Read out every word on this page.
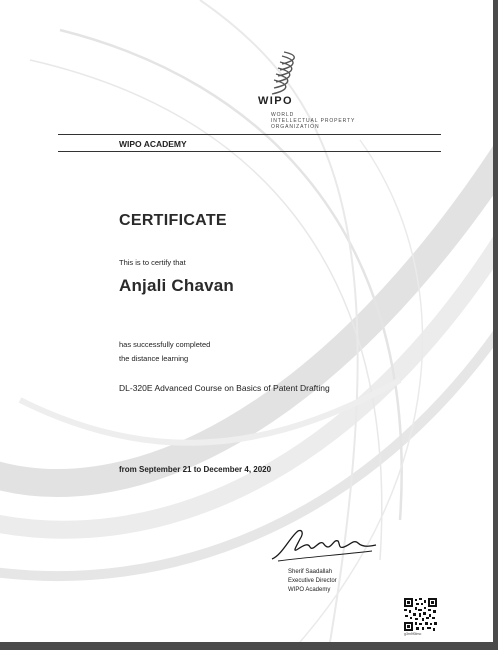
WIPO
WORLD
INTELLECTUAL PROPERTY
ORGANIZATION
WIPO ACADEMY
CERTIFICATE
This is to certify that
Anjali Chavan
has successfully completed
the distance learning
DL-320E Advanced Course on Basics of Patent Drafting
from September 21 to December 4, 2020
Sherif Saadallah
Executive Director
WIPO Academy
g3m9f0lmo
